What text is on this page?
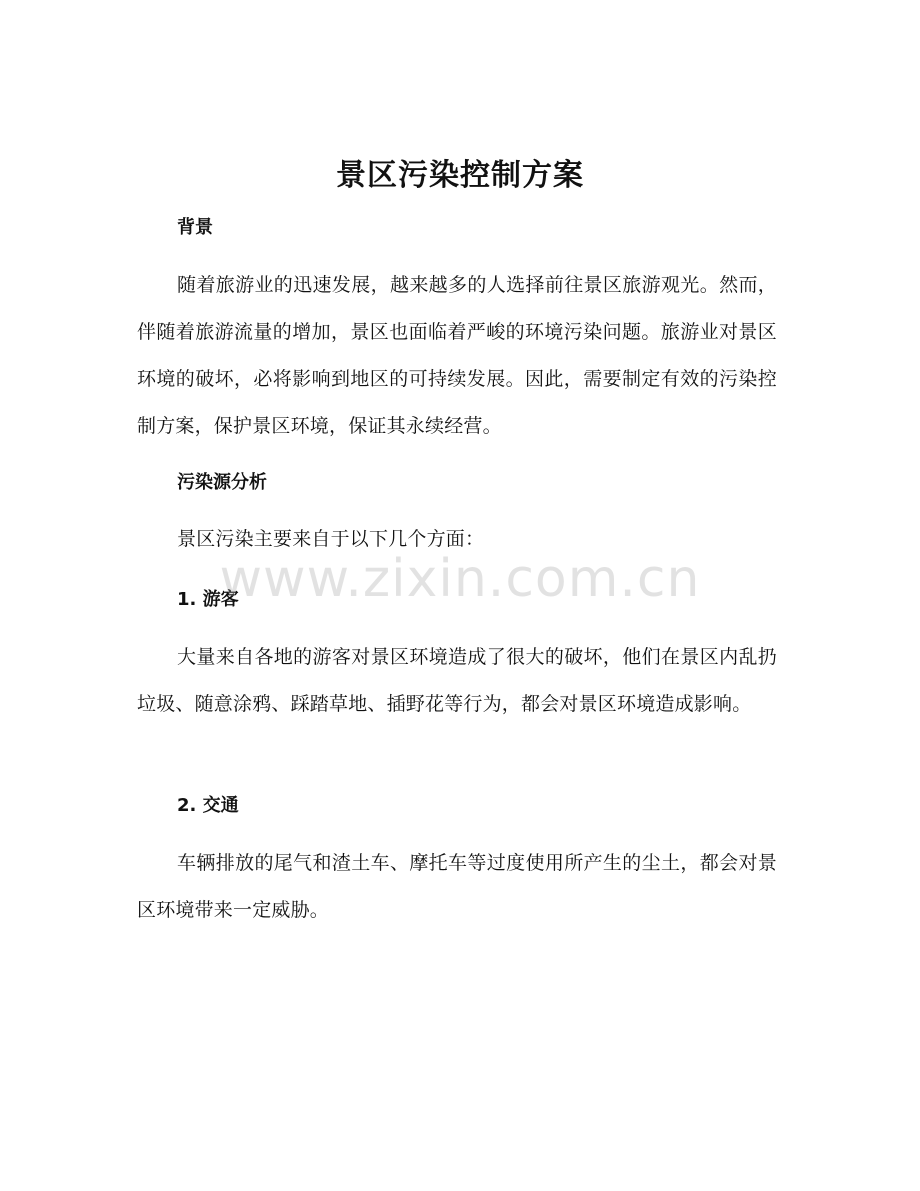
景区污染控制方案
背景

随着旅游业的迅速发展，越来越多的人选择前往景区旅游观光。然而，伴随着旅游流量的增加，景区也面临着严峻的环境污染问题。旅游业对景区环境的破坏，必将影响到地区的可持续发展。因此，需要制定有效的污染控制方案，保护景区环境，保证其永续经营。

污染源分析

景区污染主要来自于以下几个方面：

1. 游客

大量来自各地的游客对景区环境造成了很大的破坏，他们在景区内乱扔垃圾、随意涂鸦、踩踏草地、插野花等行为，都会对景区环境造成影响。

2. 交通

车辆排放的尾气和渣土车、摩托车等过度使用所产生的尘土，都会对景区环境带来一定威胁。

www.zixin.com.cn
